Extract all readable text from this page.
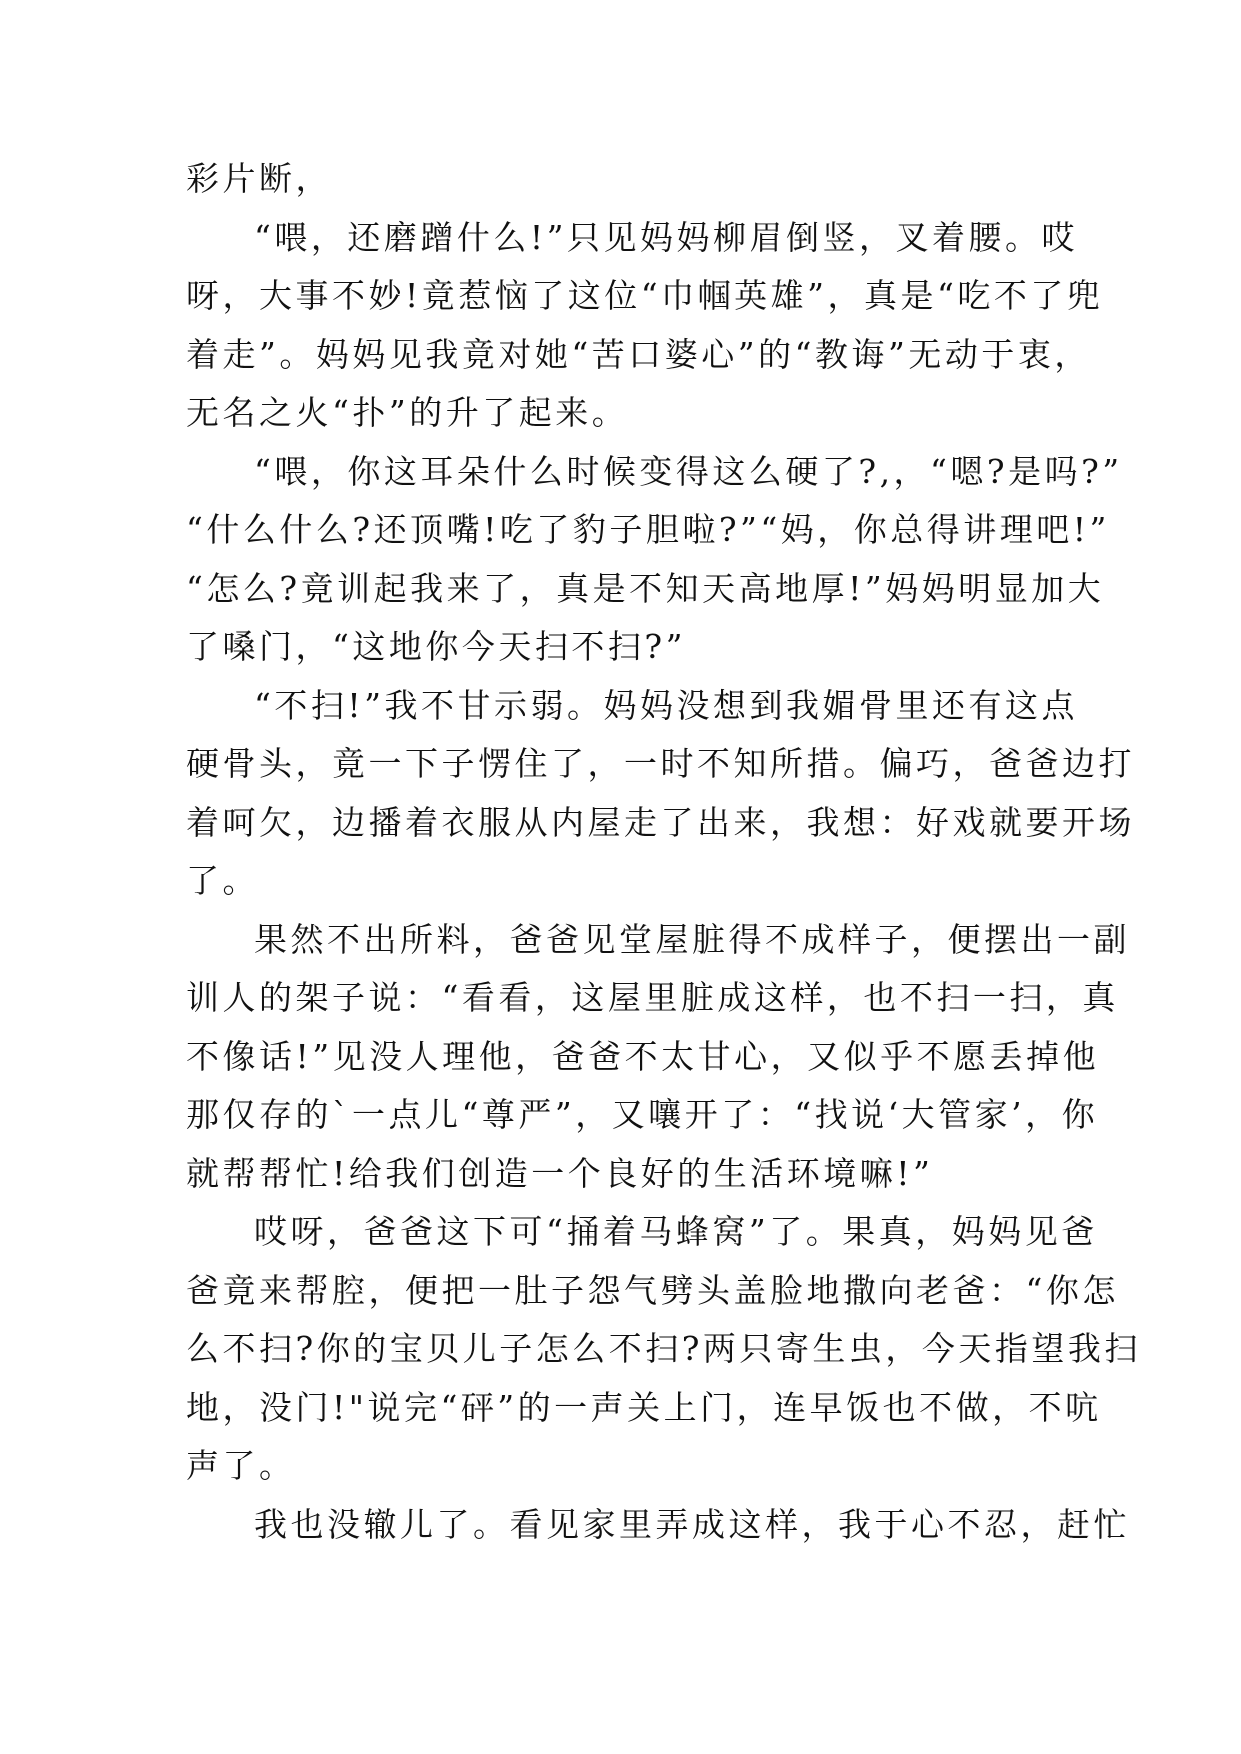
彩片断，
“喂，还磨蹭什么!”只见妈妈柳眉倒竖，叉着腰。哎
呀，大事不妙!竟惹恼了这位“巾帼英雄”，真是“吃不了兜
着走”。妈妈见我竟对她“苦口婆心”的“教诲”无动于衷，
无名之火“扑”的升了起来。
“喂，你这耳朵什么时候变得这么硬了?,，“嗯?是吗?”
“什么什么?还顶嘴!吃了豹子胆啦?”“妈，你总得讲理吧!”
“怎么?竟训起我来了，真是不知天高地厚!”妈妈明显加大
了嗓门，“这地你今天扫不扫?”
“不扫!”我不甘示弱。妈妈没想到我媚骨里还有这点
硬骨头，竟一下子愣住了，一时不知所措。偏巧，爸爸边打
着呵欠，边播着衣服从内屋走了出来，我想：好戏就要开场
了。
果然不出所料，爸爸见堂屋脏得不成样子，便摆出一副
训人的架子说：“看看，这屋里脏成这样，也不扫一扫，真
不像话!”见没人理他，爸爸不太甘心，又似乎不愿丢掉他
那仅存的`一点儿“尊严”，又嚷开了：“找说‘大管家’，你
就帮帮忙!给我们创造一个良好的生活环境嘛!”
哎呀，爸爸这下可“捅着马蜂窝”了。果真，妈妈见爸
爸竟来帮腔，便把一肚子怨气劈头盖脸地撒向老爸：“你怎
么不扫?你的宝贝儿子怎么不扫?两只寄生虫，今天指望我扫
地，没门!"说完“砰”的一声关上门，连早饭也不做，不吭
声了。
我也没辙儿了。看见家里弄成这样，我于心不忍，赶忙
